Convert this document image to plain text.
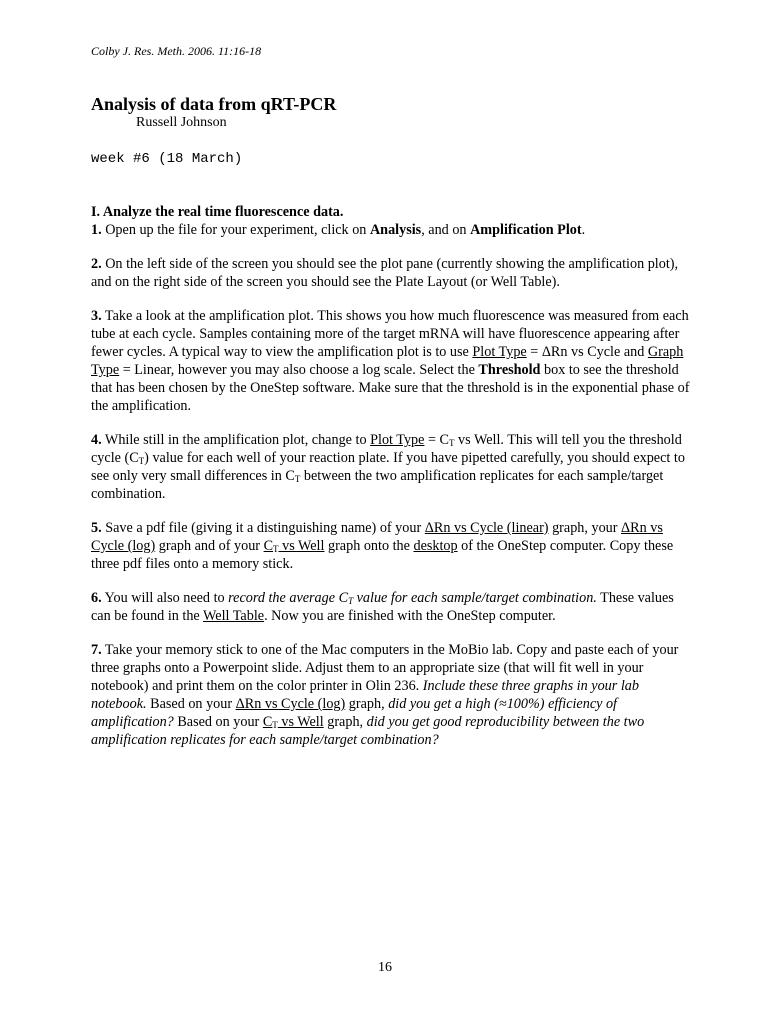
Colby J. Res. Meth. 2006. 11:16-18
Analysis of data from qRT-PCR
Russell Johnson
week #6 (18 March)

I. Analyze the real time fluorescence data.

1. Open up the file for your experiment, click on Analysis, and on Amplification Plot.

2. On the left side of the screen you should see the plot pane (currently showing the amplification plot), and on the right side of the screen you should see the Plate Layout (or Well Table).

3. Take a look at the amplification plot. This shows you how much fluorescence was measured from each tube at each cycle. Samples containing more of the target mRNA will have fluorescence appearing after fewer cycles. A typical way to view the amplification plot is to use Plot Type = ΔRn vs Cycle and Graph Type = Linear, however you may also choose a log scale. Select the Threshold box to see the threshold that has been chosen by the OneStep software. Make sure that the threshold is in the exponential phase of the amplification.

4. While still in the amplification plot, change to Plot Type = $C_T$ vs Well. This will tell you the threshold cycle $(C_T)$ value for each well of your reaction plate. If you have pipetted carefully, you should expect to see only very small differences in $C_T$ between the two amplification replicates for each sample/target combination.

5. Save a pdf file (giving it a distinguishing name) of your ΔRn vs Cycle (linear) graph, your ΔRn vs Cycle (log) graph and of your $C_T$ vs Well graph onto the desktop of the OneStep computer. Copy these three pdf files onto a memory stick.

6. You will also need to record the average $C_T$ value for each sample/target combination. These values can be found in the Well Table. Now you are finished with the OneStep computer.

7. Take your memory stick to one of the Mac computers in the MoBio lab. Copy and paste each of your three graphs onto a Powerpoint slide. Adjust them to an appropriate size (that will fit well in your notebook) and print them on the color printer in Olin 236. Include these three graphs in your lab notebook. Based on your ΔRn vs Cycle (log) graph, did you get a high (≈100%) efficiency of amplification? Based on your $C_T$ vs Well graph, did you get good reproducibility between the two amplification replicates for each sample/target combination?

16
